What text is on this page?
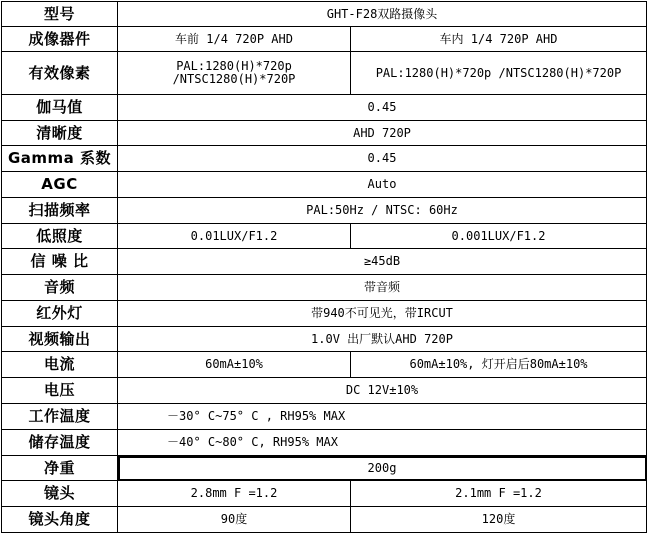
型号	GHT-F28双路摄像头	
成像器件	车前 1/4 720P AHD	车内 1/4 720P AHD
有效像素	PAL:1280(H)*720p /NTSC1280(H)*720P	PAL:1280(H)*720p /NTSC1280(H)*720P
伽马值	0.45	
清晰度	AHD 720P	
Gamma 系数	0.45	
AGC	Auto	
扫描频率	PAL:50Hz / NTSC: 60Hz	
低照度	0.01LUX/F1.2	0.001LUX/F1.2
信 噪 比	≥45dB	
音频	带音频	
红外灯	带940不可见光，带IRCUT	
视频输出	1.0V 出厂默认AHD 720P	
电流	60mA±10%	60mA±10%, 灯开启后80mA±10%
电压	DC 12V±10%	
工作温度	－30° C~75° C , RH95% MAX	
储存温度	－40° C~80° C, RH95% MAX	
净重	200g	
镜头	2.8mm F =1.2	2.1mm F =1.2
镜头角度	90度	120度
